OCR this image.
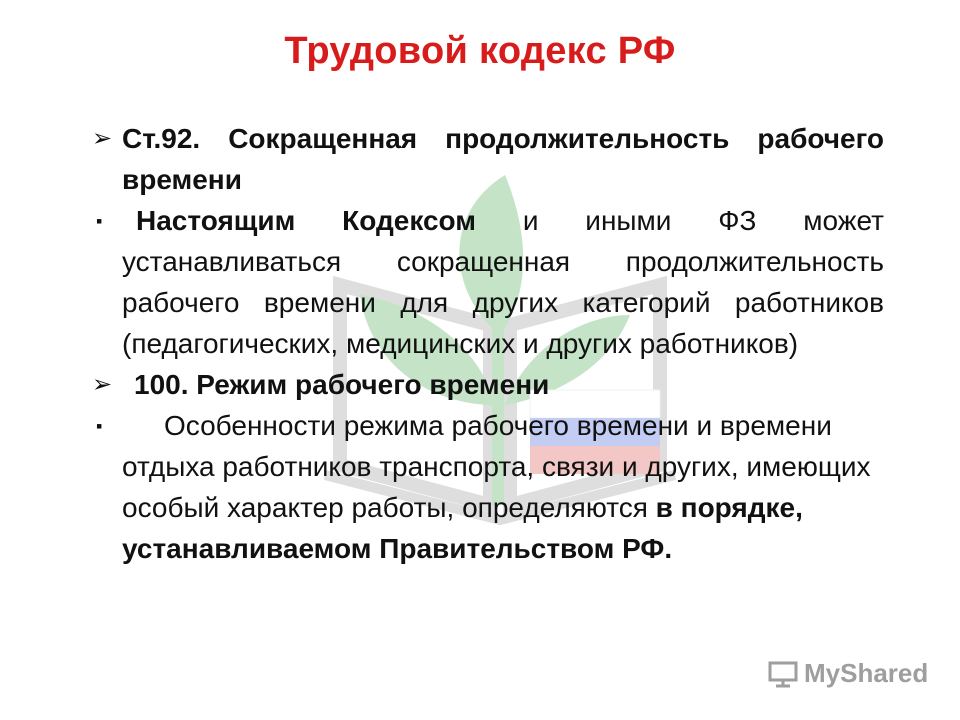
Трудовой кодекс РФ
➢ Ст.92. Сокращенная продолжительность рабочего времени
▪	Настоящим Кодексом и иными ФЗ может устанавливаться сокращенная продолжительность рабочего времени для других категорий работников (педагогических, медицинских и других работников)
➢ 100. Режим рабочего времени
▪	Особенности режима рабочего времени и времени отдыха работников транспорта, связи и других, имеющих особый характер работы, определяются в порядке, устанавливаемом Правительством РФ.
MyShared
